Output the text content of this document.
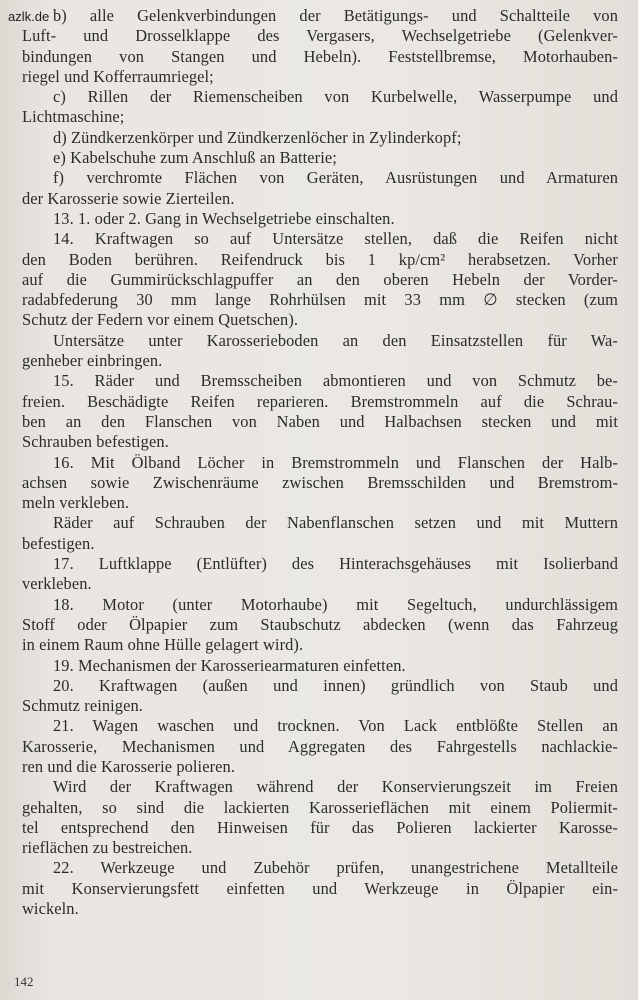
azlk.de b) alle Gelenkverbindungen der Betätigungs- und Schaltteile von
Luft- und Drosselklappe des Vergasers, Wechselgetriebe (Gelenkver-
bindungen von Stangen und Hebeln). Feststellbremse, Motorhauben-
riegel und Kofferraumriegel;
c) Rillen der Riemenscheiben von Kurbelwelle, Wasserpumpe und
Lichtmaschine;
d) Zündkerzenkörper und Zündkerzenlöcher in Zylinderkopf;
e) Kabelschuhe zum Anschluß an Batterie;
f) verchromte Flächen von Geräten, Ausrüstungen und Armaturen
der Karosserie sowie Zierteilen.
13. 1. oder 2. Gang in Wechselgetriebe einschalten.
14. Kraftwagen so auf Untersätze stellen, daß die Reifen nicht
den Boden berühren. Reifendruck bis 1 kp/cm² herabsetzen. Vorher
auf die Gummirückschlagpuffer an den oberen Hebeln der Vorder-
radabfederung 30 mm lange Rohrhülsen mit 33 mm ∅ stecken (zum
Schutz der Federn vor einem Quetschen).
Untersätze unter Karosserieboden an den Einsatzstellen für Wa-
genheber einbringen.
15. Räder und Bremsscheiben abmontieren und von Schmutz be-
freien. Beschädigte Reifen reparieren. Bremstrommeln auf die Schrau-
ben an den Flanschen von Naben und Halbachsen stecken und mit
Schrauben befestigen.
16. Mit Ölband Löcher in Bremstrommeln und Flanschen der Halb-
achsen sowie Zwischenräume zwischen Bremsschilden und Bremstrom-
meln verkleben.
Räder auf Schrauben der Nabenflanschen setzen und mit Muttern
befestigen.
17. Luftklappe (Entlüfter) des Hinterachsgehäuses mit Isolierband
verkleben.
18. Motor (unter Motorhaube) mit Segeltuch, undurchlässigem
Stoff oder Ölpapier zum Staubschutz abdecken (wenn das Fahrzeug
in einem Raum ohne Hülle gelagert wird).
19. Mechanismen der Karosseriearmaturen einfetten.
20. Kraftwagen (außen und innen) gründlich von Staub und
Schmutz reinigen.
21. Wagen waschen und trocknen. Von Lack entblößte Stellen an
Karosserie, Mechanismen und Aggregaten des Fahrgestells nachlackie-
ren und die Karosserie polieren.
Wird der Kraftwagen während der Konservierungszeit im Freien
gehalten, so sind die lackierten Karosserieflächen mit einem Poliermit-
tel entsprechend den Hinweisen für das Polieren lackierter Karosse-
rieflächen zu bestreichen.
22. Werkzeuge und Zubehör prüfen, unangestrichene Metallteile
mit Konservierungsfett einfetten und Werkzeuge in Ölpapier ein-
wickeln.
142
